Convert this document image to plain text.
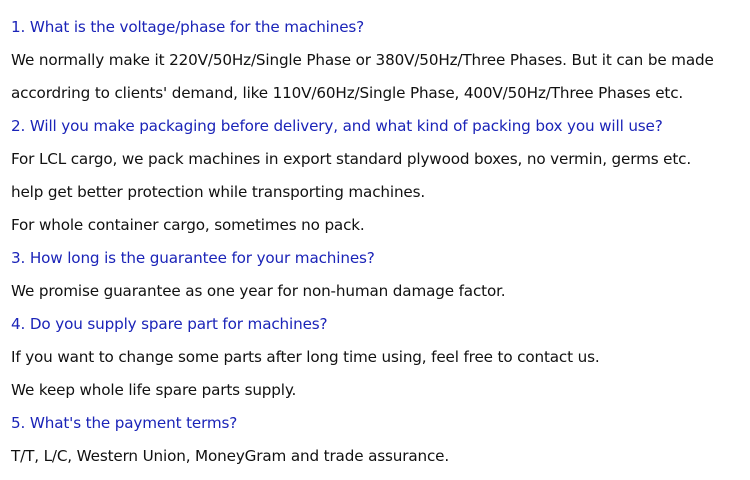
1. What is the voltage/phase for the machines?
We normally make it 220V/50Hz/Single Phase or 380V/50Hz/Three Phases. But it can be made
accordring to clients' demand, like 110V/60Hz/Single Phase, 400V/50Hz/Three Phases etc.
2. Will you make packaging before delivery, and what kind of packing box you will use?
For LCL cargo, we pack machines in export standard plywood boxes, no vermin, germs etc.
help get better protection while transporting machines.
For whole container cargo, sometimes no pack.
3. How long is the guarantee for your machines?
We promise guarantee as one year for non-human damage factor.
4. Do you supply spare part for machines?
If you want to change some parts after long time using, feel free to contact us.
We keep whole life spare parts supply.
5. What's the payment terms?
T/T, L/C, Western Union, MoneyGram and trade assurance.
